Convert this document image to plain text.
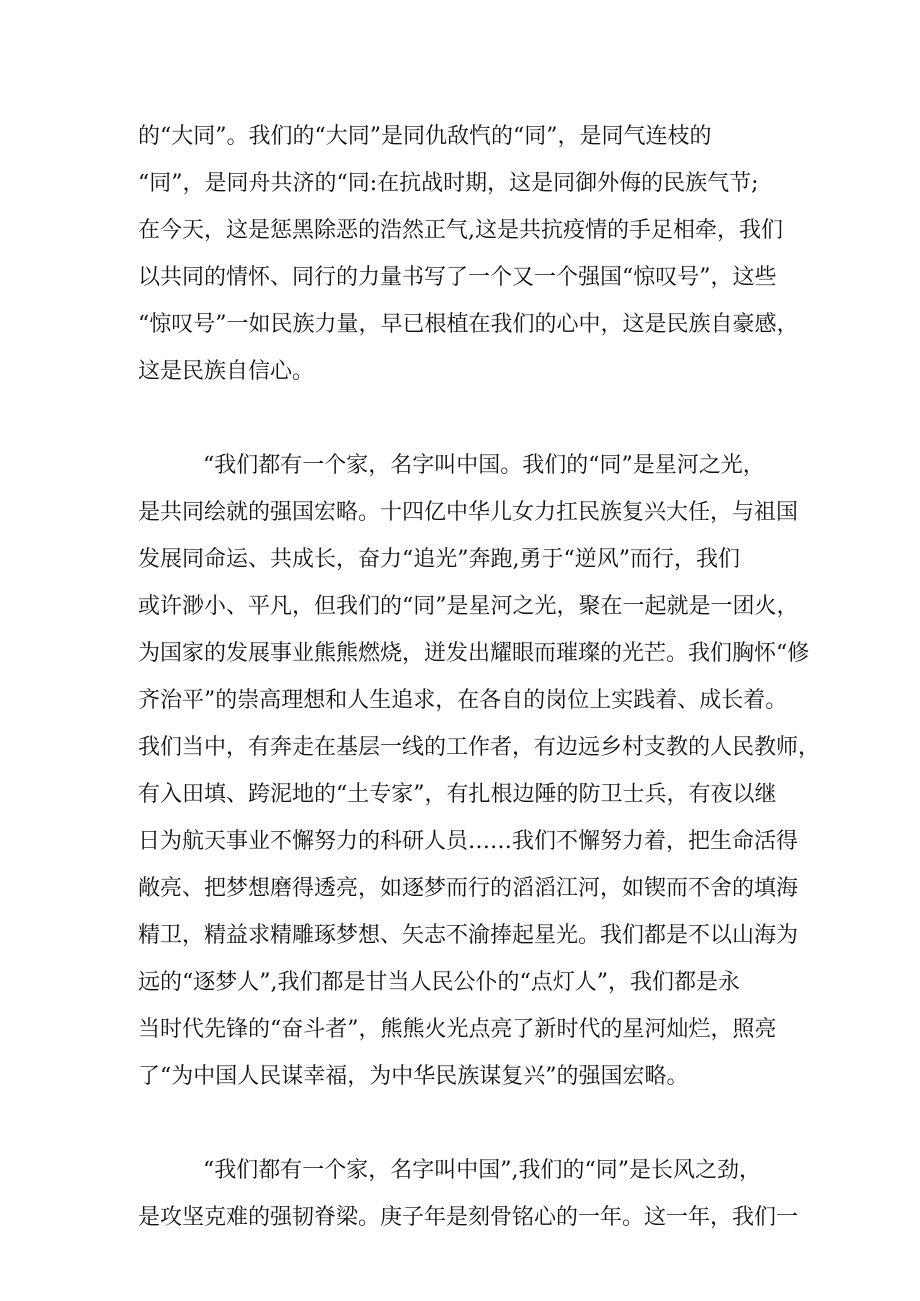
的“大同”。我们的“大同”是同仇敌忾的“同”，是同气连枝的
“同”，是同舟共济的“同:在抗战时期，这是同御外侮的民族气节;
在今天，这是惩黑除恶的浩然正气,这是共抗疫情的手足相牵，我们
以共同的情怀、同行的力量书写了一个又一个强国“惊叹号”，这些
“惊叹号”一如民族力量，早已根植在我们的心中，这是民族自豪感，
这是民族自信心。
“我们都有一个家，名字叫中国。我们的“同”是星河之光，
是共同绘就的强国宏略。十四亿中华儿女力扛民族复兴大任，与祖国
发展同命运、共成长，奋力“追光”奔跑,勇于“逆风”而行，我们
或许渺小、平凡，但我们的“同”是星河之光，聚在一起就是一团火，
为国家的发展事业熊熊燃烧，迸发出耀眼而璀璨的光芒。我们胸怀“修
齐治平”的崇高理想和人生追求，在各自的岗位上实践着、成长着。
我们当中，有奔走在基层一线的工作者，有边远乡村支教的人民教师，
有入田填、跨泥地的“土专家”，有扎根边陲的防卫士兵，有夜以继
日为航天事业不懈努力的科研人员……我们不懈努力着，把生命活得
敞亮、把梦想磨得透亮，如逐梦而行的滔滔江河，如锲而不舍的填海
精卫，精益求精雕琢梦想、矢志不渝捧起星光。我们都是不以山海为
远的“逐梦人”,我们都是甘当人民公仆的“点灯人”，我们都是永
当时代先锋的“奋斗者”，熊熊火光点亮了新时代的星河灿烂，照亮
了“为中国人民谋幸福，为中华民族谋复兴”的强国宏略。
“我们都有一个家，名字叫中国”,我们的“同”是长风之劲，
是攻坚克难的强韧脊梁。庚子年是刻骨铭心的一年。这一年，我们一
